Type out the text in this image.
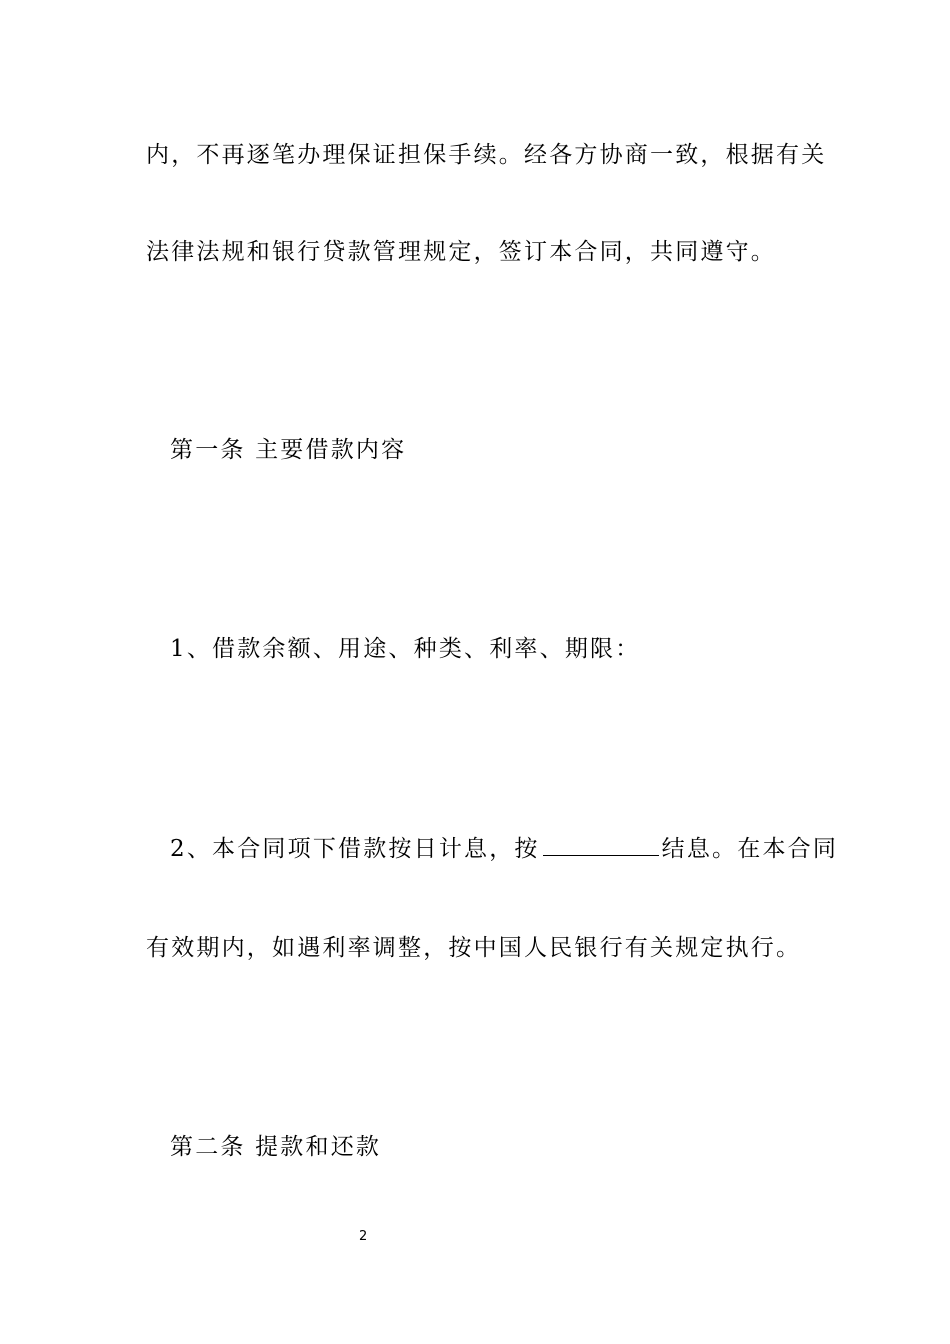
内，不再逐笔办理保证担保手续。经各方协商一致，根据有关
法律法规和银行贷款管理规定，签订本合同，共同遵守。
第一条 主要借款内容
1、借款余额、用途、种类、利率、期限：
2、本合同项下借款按日计息，按	结息。在本合同
有效期内，如遇利率调整，按中国人民银行有关规定执行。
第二条 提款和还款
2
